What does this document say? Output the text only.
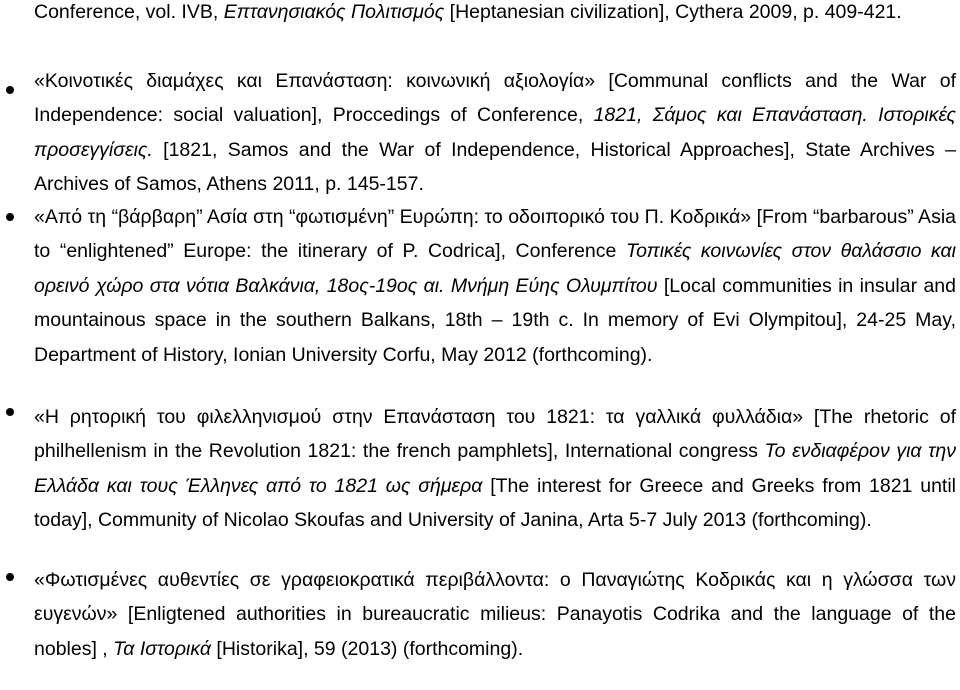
Conference, vol. IVB, Επτανησιακός Πολιτισμός [Heptanesian civilization], Cythera 2009, p. 409-421.
«Κοινοτικές διαμάχες και Επανάσταση: κοινωνική αξιολογία» [Communal conflicts and the War of Independence: social valuation], Proccedings of Conference, 1821, Σάμος και Επανάσταση. Ιστορικές προσεγγίσεις. [1821, Samos and the War of Independence, Historical Approaches], State Archives – Archives of Samos, Athens 2011, p. 145-157.
«Από τη “βάρβαρη” Ασία στη “φωτισμένη” Ευρώπη: το οδοιπορικό του Π. Κοδρικά» [From “barbarous” Asia to “enlightened” Europe: the itinerary of P. Codrica], Conference Τοπικές κοινωνίες στον θαλάσσιο και ορεινό χώρο στα νότια Βαλκάνια, 18ος-19ος αι. Μνήμη Εύης Ολυμπίτου [Local communities in insular and mountainous space in the southern Balkans, 18th – 19th c. In memory of Evi Olympitou], 24-25 May, Department of History, Ionian University Corfu, May 2012 (forthcoming).
«Η ρητορική του φιλελληνισμού στην Επανάσταση του 1821: τα γαλλικά φυλλάδια» [The rhetoric of philhellenism in the Revolution 1821: the french pamphlets], International congress Το ενδιαφέρον για την Ελλάδα και τους Έλληνες από το 1821 ως σήμερα [The interest for Greece and Greeks from 1821 until today], Community of Nicolao Skoufas and University of Janina, Arta 5-7 July 2013 (forthcoming).
«Φωτισμένες αυθεντίες σε γραφειοκρατικά περιβάλλοντα: ο Παναγιώτης Κοδρικάς και η γλώσσα των ευγενών» [Enligtened authorities in bureaucratic milieus: Panayotis Codrika and the language of the nobles] , Τα Ιστορικά [Historika], 59 (2013) (forthcoming).
